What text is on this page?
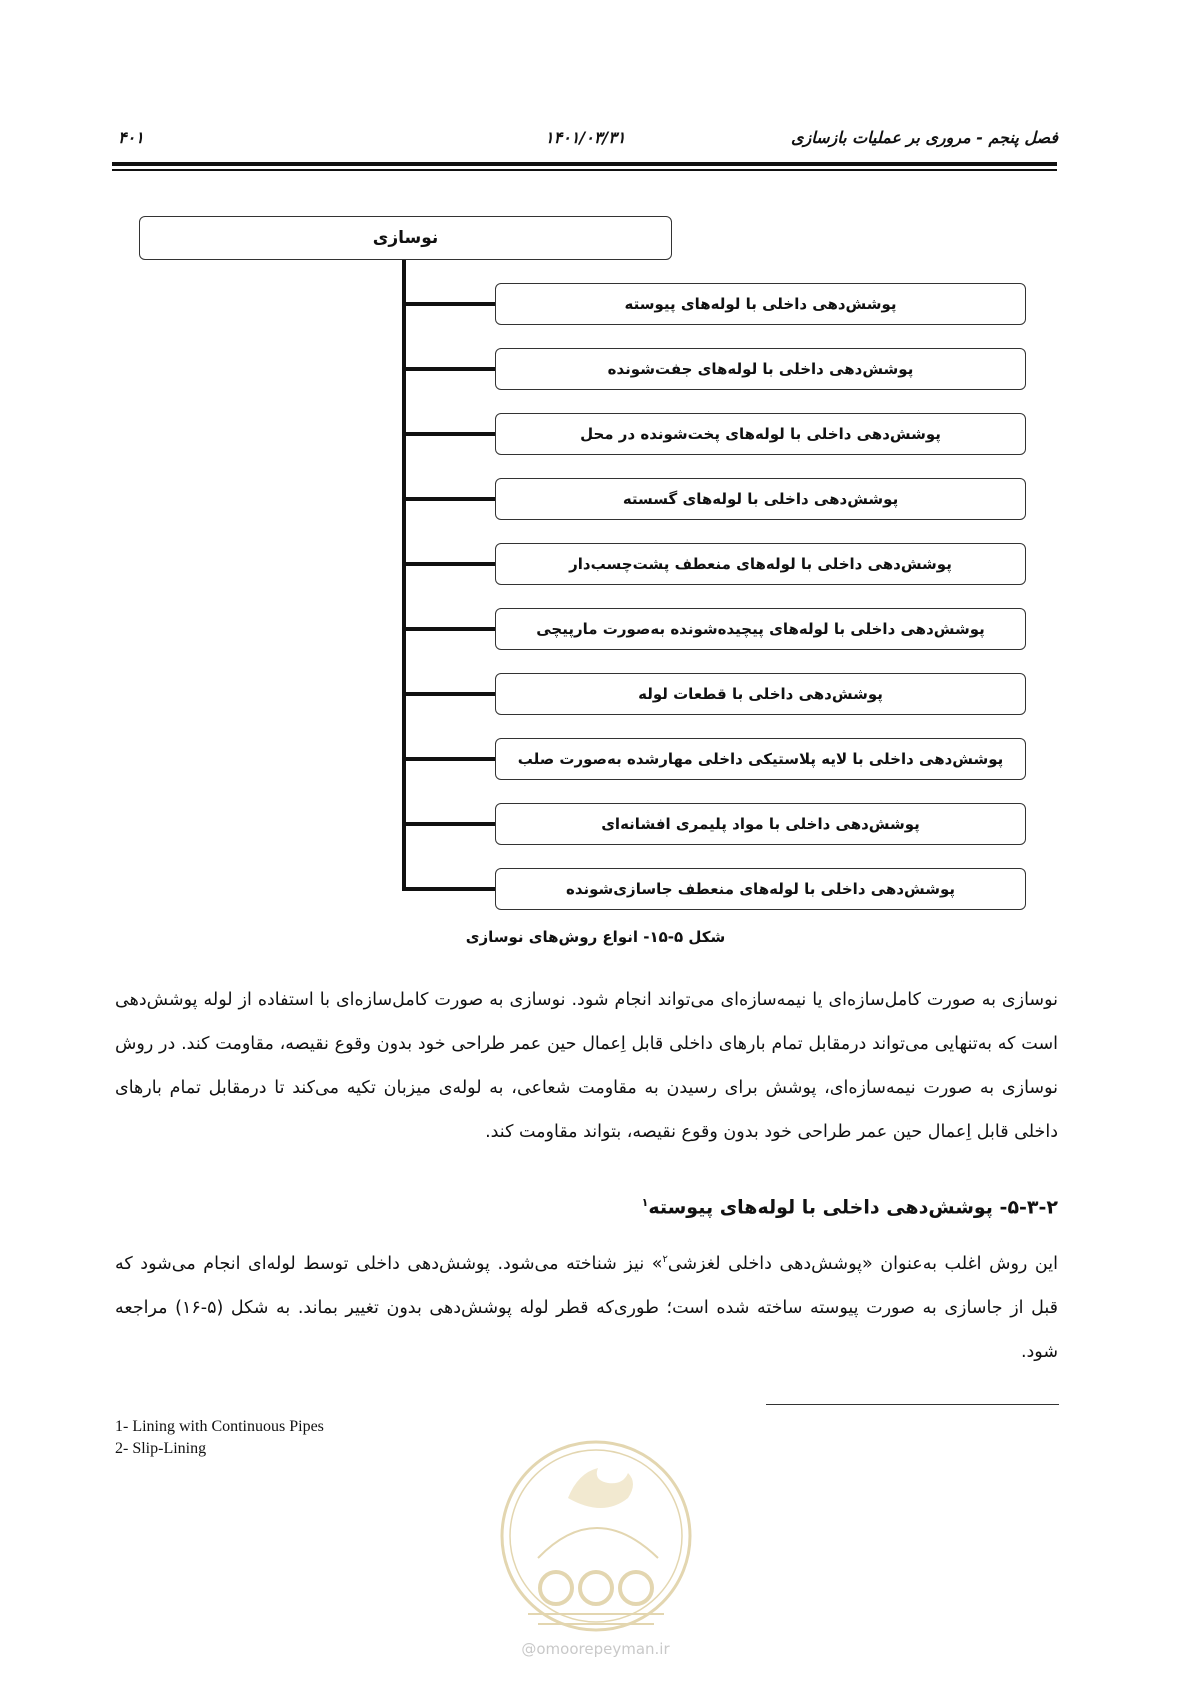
۴۰۱	۱۴۰۱/۰۳/۳۱	فصل پنجم - مروری بر عملیات بازسازی
نوسازی
پوشش‌دهی داخلی با لوله‌های پیوسته
پوشش‌دهی داخلی با لوله‌های جفت‌شونده
پوشش‌دهی داخلی با لوله‌های پخت‌شونده در محل
پوشش‌دهی داخلی با لوله‌های گسسته
پوشش‌دهی داخلی با لوله‌های منعطف پشت‌چسب‌دار
پوشش‌دهی داخلی با لوله‌های پیچیده‌شونده به‌صورت مارپیچی
پوشش‌دهی داخلی با قطعات لوله
پوشش‌دهی داخلی با لایه پلاستیکی داخلی مهارشده به‌صورت صلب
پوشش‌دهی داخلی با مواد پلیمری افشانه‌ای
پوشش‌دهی داخلی با لوله‌های منعطف جاسازی‌شونده
شکل ۵-۱۵- انواع روش‌های نوسازی

نوسازی به صورت کامل‌سازه‌ای یا نیمه‌سازه‌ای می‌تواند انجام شود. نوسازی به صورت کامل‌سازه‌ای با استفاده از لوله پوشش‌دهی است که به‌تنهایی می‌تواند درمقابل تمام بارهای داخلی قابل اِعمال حین عمر طراحی خود بدون وقوع نقیصه، مقاومت کند. در روش نوسازی به صورت نیمه‌سازه‌ای، پوشش برای رسیدن به مقاومت شعاعی، به لوله‌ی میزبان تکیه می‌کند تا درمقابل تمام بارهای داخلی قابل اِعمال حین عمر طراحی خود بدون وقوع نقیصه، بتواند مقاومت کند.

۵-۳-۲- پوشش‌دهی داخلی با لوله‌های پیوسته$^۱$

این روش اغلب به‌عنوان «پوشش‌دهی داخلی لغزشی$^۲$» نیز شناخته می‌شود. پوشش‌دهی داخلی توسط لوله‌ای انجام می‌شود که قبل از جاسازی به صورت پیوسته ساخته شده است؛ طوری‌که قطر لوله پوشش‌دهی بدون تغییر بماند. به شکل (۵-۱۶) مراجعه شود.

1- Lining with Continuous Pipes
2- Slip-Lining
@omoorepeyman.ir
